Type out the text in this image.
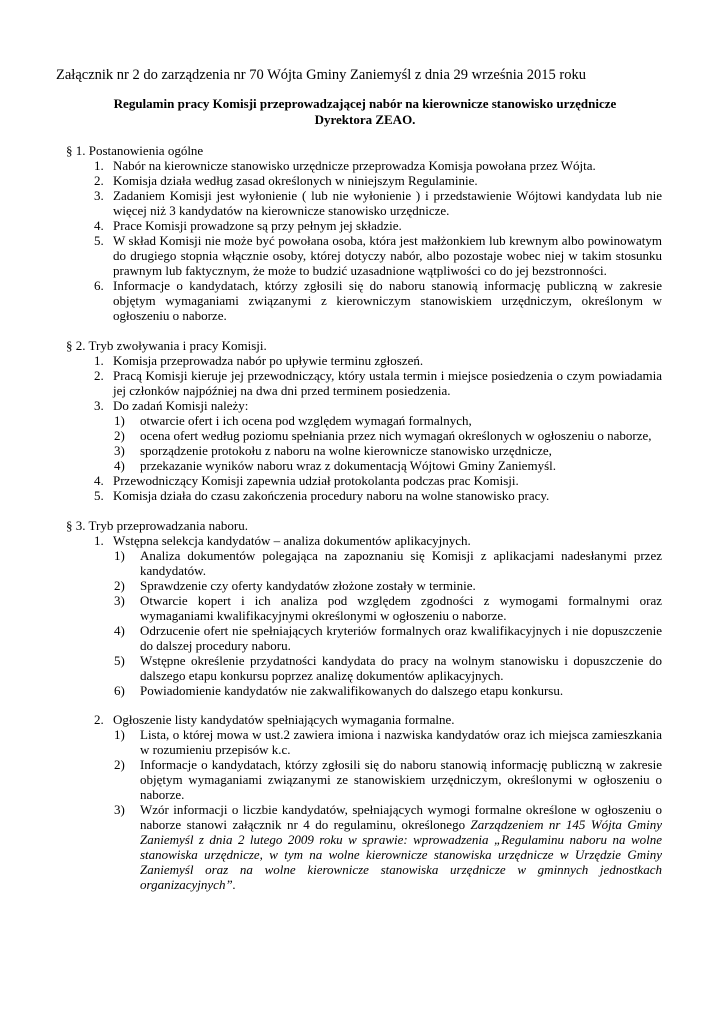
Załącznik nr 2 do zarządzenia nr 70 Wójta Gminy Zaniemyśl z dnia 29 września 2015 roku
Regulamin pracy Komisji przeprowadzającej nabór na kierownicze stanowisko urzędnicze
Dyrektora ZEAO.

§ 1. Postanowienia ogólne

1. Nabór na kierownicze stanowisko urzędnicze przeprowadza Komisja powołana przez Wójta.
2. Komisja działa według zasad określonych w niniejszym Regulaminie.
3. Zadaniem Komisji jest wyłonienie ( lub nie wyłonienie ) i przedstawienie Wójtowi kandydata lub nie więcej niż 3 kandydatów na kierownicze stanowisko urzędnicze.
4. Prace Komisji prowadzone są przy pełnym jej składzie.
5. W skład Komisji nie może być powołana osoba, która jest małżonkiem lub krewnym albo powinowatym do drugiego stopnia włącznie osoby, której dotyczy nabór, albo pozostaje wobec niej w takim stosunku prawnym lub faktycznym, że może to budzić uzasadnione wątpliwości co do jej bezstronności.
6. Informacje o kandydatach, którzy zgłosili się do naboru stanowią informację publiczną w zakresie objętym wymaganiami związanymi z kierowniczym stanowiskiem urzędniczym, określonym w ogłoszeniu o naborze.

§ 2. Tryb zwoływania i pracy Komisji.

1. Komisja przeprowadza nabór po upływie terminu zgłoszeń.
2. Pracą Komisji kieruje jej przewodniczący, który ustala termin i miejsce posiedzenia o czym powiadamia jej członków najpóźniej na dwa dni przed terminem posiedzenia.
3. Do zadań Komisji należy:
1) otwarcie ofert i ich ocena pod względem wymagań formalnych,
2) ocena ofert według poziomu spełniania przez nich wymagań określonych w ogłoszeniu o naborze,
3) sporządzenie protokołu z naboru na wolne kierownicze stanowisko urzędnicze,
4) przekazanie wyników naboru wraz z dokumentacją Wójtowi Gminy Zaniemyśl.
4. Przewodniczący Komisji zapewnia udział protokolanta podczas prac Komisji.
5. Komisja działa do czasu zakończenia procedury naboru na wolne stanowisko pracy.

§ 3. Tryb przeprowadzania naboru.

1. Wstępna selekcja kandydatów – analiza dokumentów aplikacyjnych.
1) Analiza dokumentów polegająca na zapoznaniu się Komisji z aplikacjami nadesłanymi przez kandydatów.
2) Sprawdzenie czy oferty kandydatów złożone zostały w terminie.
3) Otwarcie kopert i ich analiza pod względem zgodności z wymogami formalnymi oraz wymaganiami kwalifikacyjnymi określonymi w ogłoszeniu o naborze.
4) Odrzucenie ofert nie spełniających kryteriów formalnych oraz kwalifikacyjnych i nie dopuszczenie do dalszej procedury naboru.
5) Wstępne określenie przydatności kandydata do pracy na wolnym stanowisku i dopuszczenie do dalszego etapu konkursu poprzez analizę dokumentów aplikacyjnych.
6) Powiadomienie kandydatów nie zakwalifikowanych do dalszego etapu konkursu.
2. Ogłoszenie listy kandydatów spełniających wymagania formalne.
1) Lista, o której mowa w ust.2 zawiera imiona i nazwiska kandydatów oraz ich miejsca zamieszkania w rozumieniu przepisów k.c.
2) Informacje o kandydatach, którzy zgłosili się do naboru stanowią informację publiczną w zakresie objętym wymaganiami związanymi ze stanowiskiem urzędniczym, określonymi w ogłoszeniu o naborze.
3) Wzór informacji o liczbie kandydatów, spełniających wymogi formalne określone w ogłoszeniu o naborze stanowi załącznik nr 4 do regulaminu, określonego Zarządzeniem nr 145 Wójta Gminy Zaniemyśl z dnia 2 lutego 2009 roku w sprawie: wprowadzenia „Regulaminu naboru na wolne stanowiska urzędnicze, w tym na wolne kierownicze stanowiska urzędnicze w Urzędzie Gminy Zaniemyśl oraz na wolne kierownicze stanowiska urzędnicze w gminnych jednostkach organizacyjnych”.
